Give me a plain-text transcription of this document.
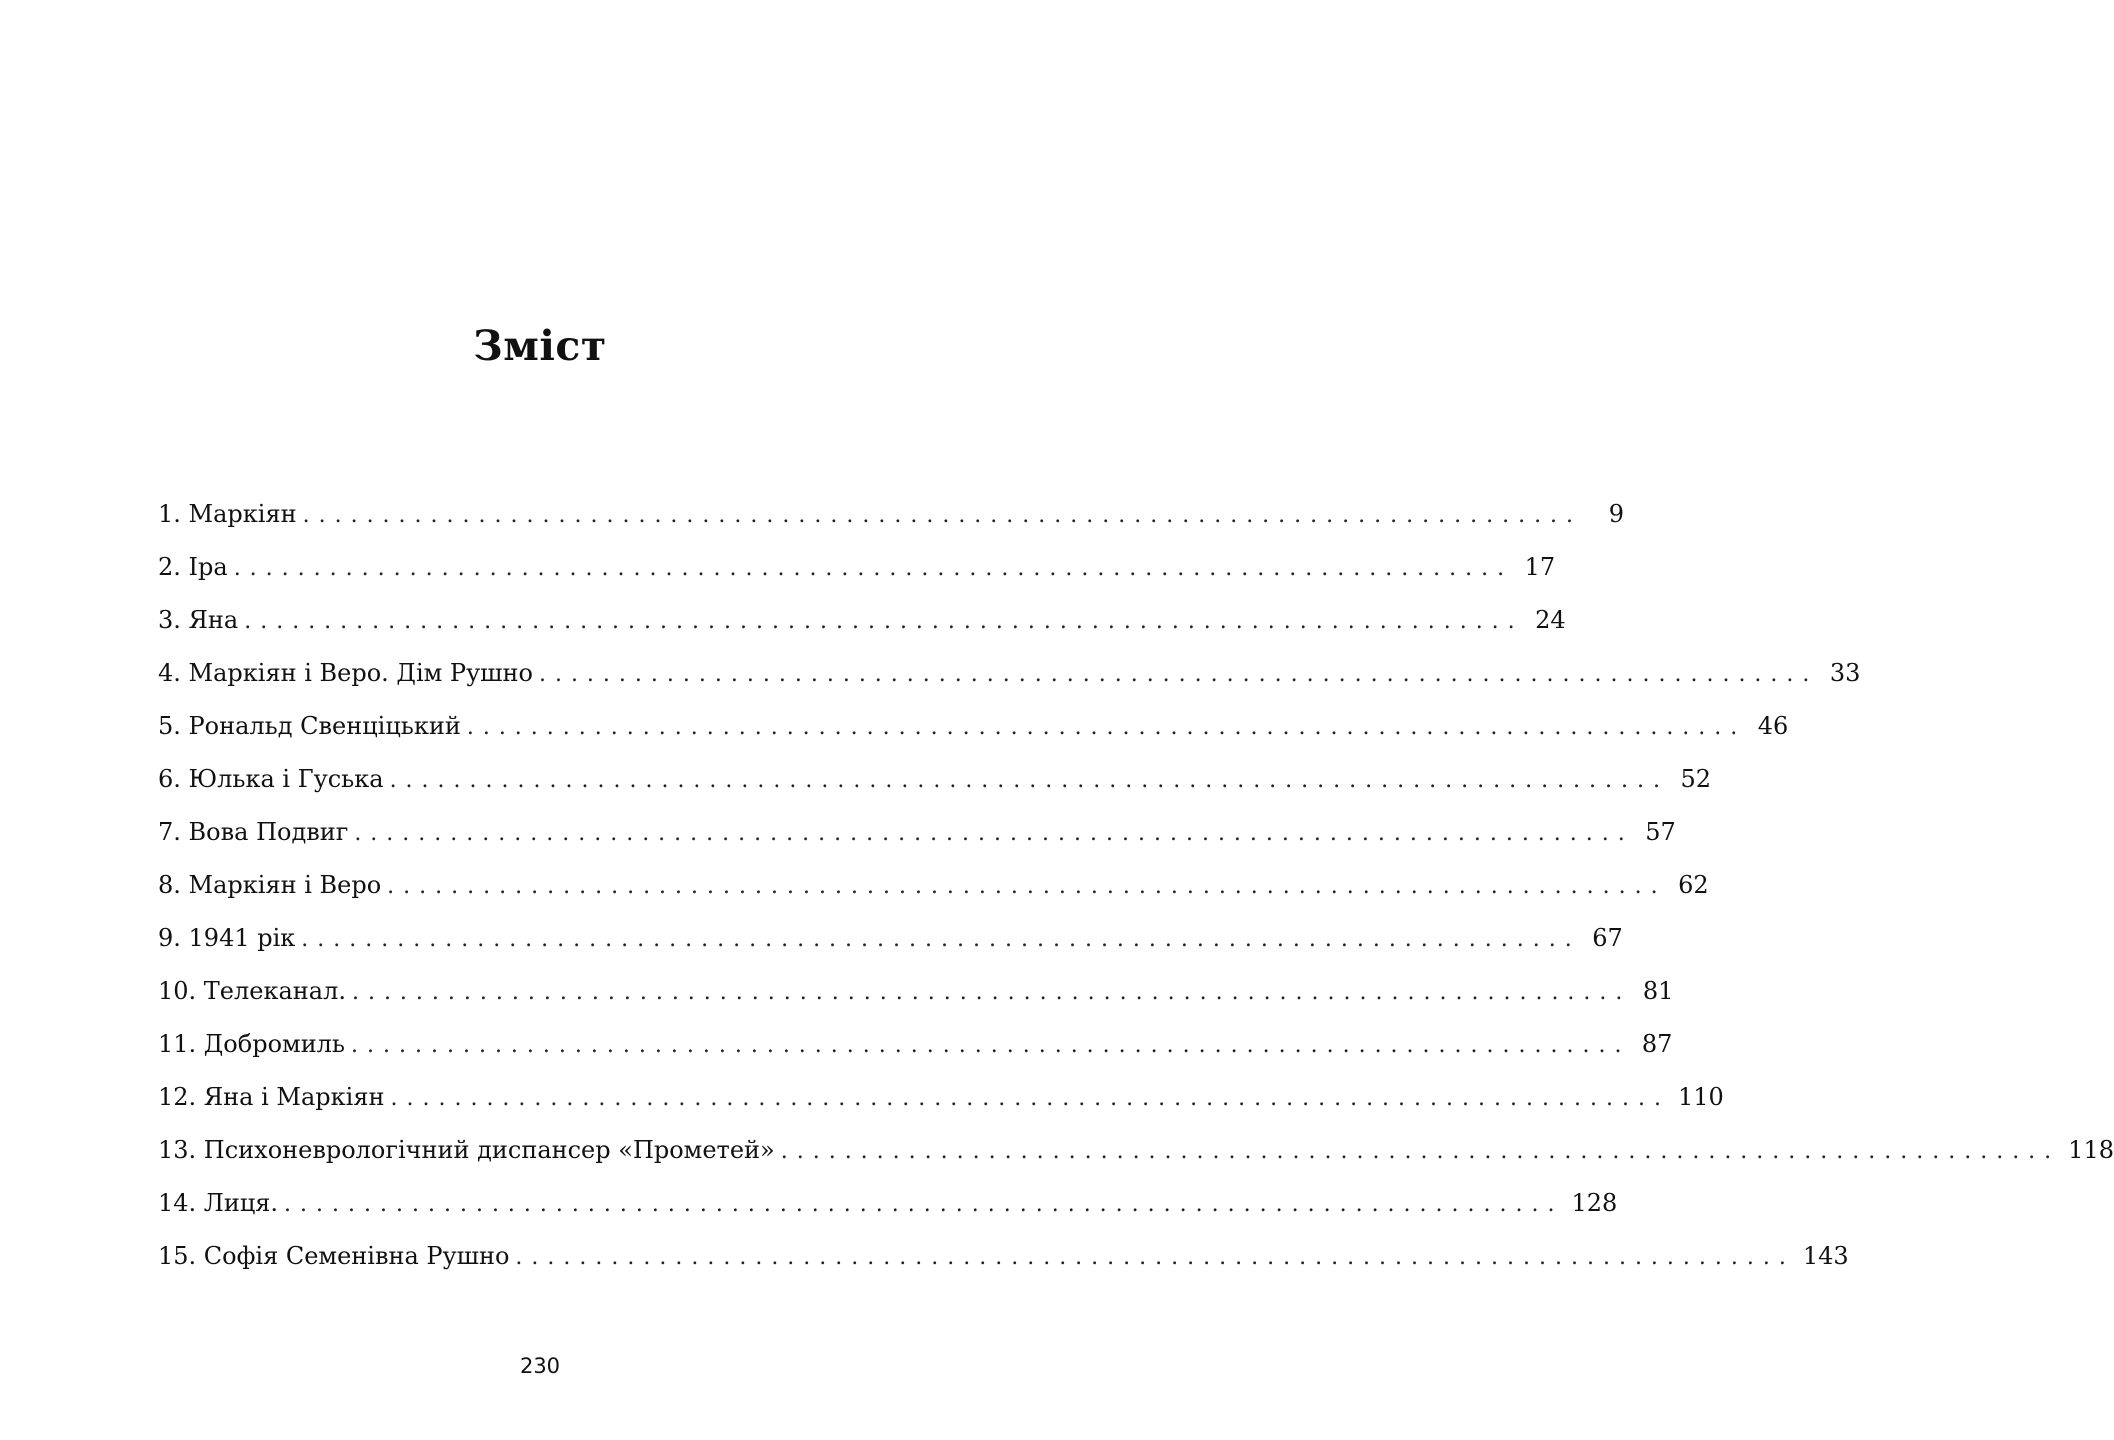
Зміст
1. Маркіян ................................................................................	9
2. Іра ................................................................................ 17
3. Яна ................................................................................ 24
4. Маркіян і Веро. Дім Рушно ................................................................................ 33
5. Рональд Свенціцький ................................................................................ 46
6. Юлька і Гуська ................................................................................ 52
7. Вова Подвиг ................................................................................ 57
8. Маркіян і Веро ................................................................................ 62
9. 1941 рік ................................................................................ 67
10. Телеканал. ................................................................................ 81
11. Добромиль ................................................................................ 87
12. Яна і Маркіян ................................................................................ 110
13. Психоневрологічний диспансер «Прометей» ................................................................................ 118
14. Лиця. ................................................................................ 128
15. Софія Семенівна Рушно ................................................................................ 143
230
